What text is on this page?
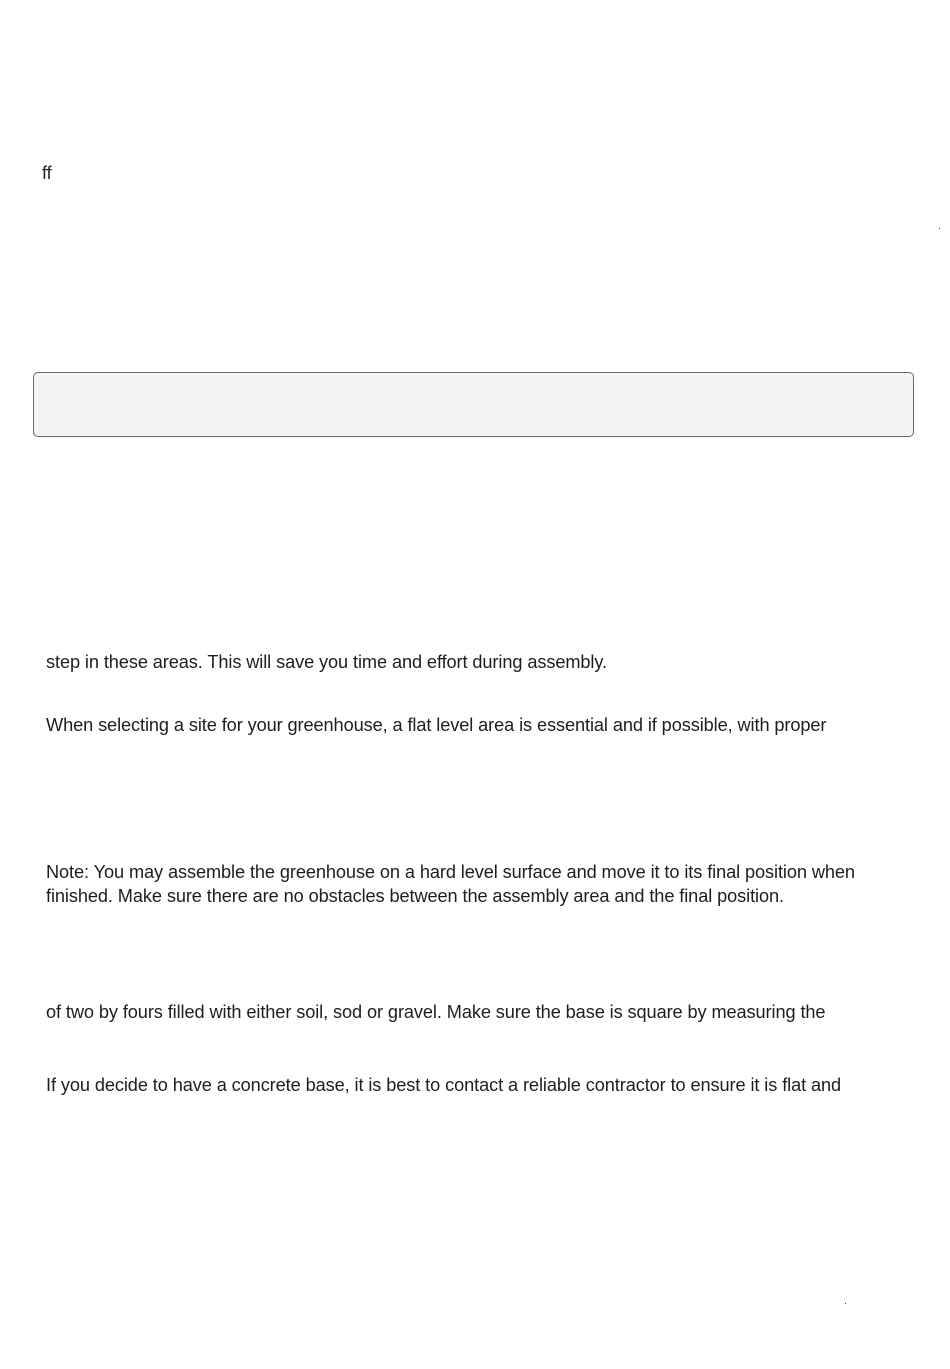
ff
step in these areas. This will save you time and effort during assembly.
When selecting a site for your greenhouse, a flat level area is essential and if possible, with proper
Note: You may assemble the greenhouse on a hard level surface and move it to its final position when
finished. Make sure there are no obstacles between the assembly area and the final position.
of two by fours filled with either soil, sod or gravel. Make sure the base is square by measuring the
If you decide to have a concrete base, it is best to contact a reliable contractor to ensure it is flat and
